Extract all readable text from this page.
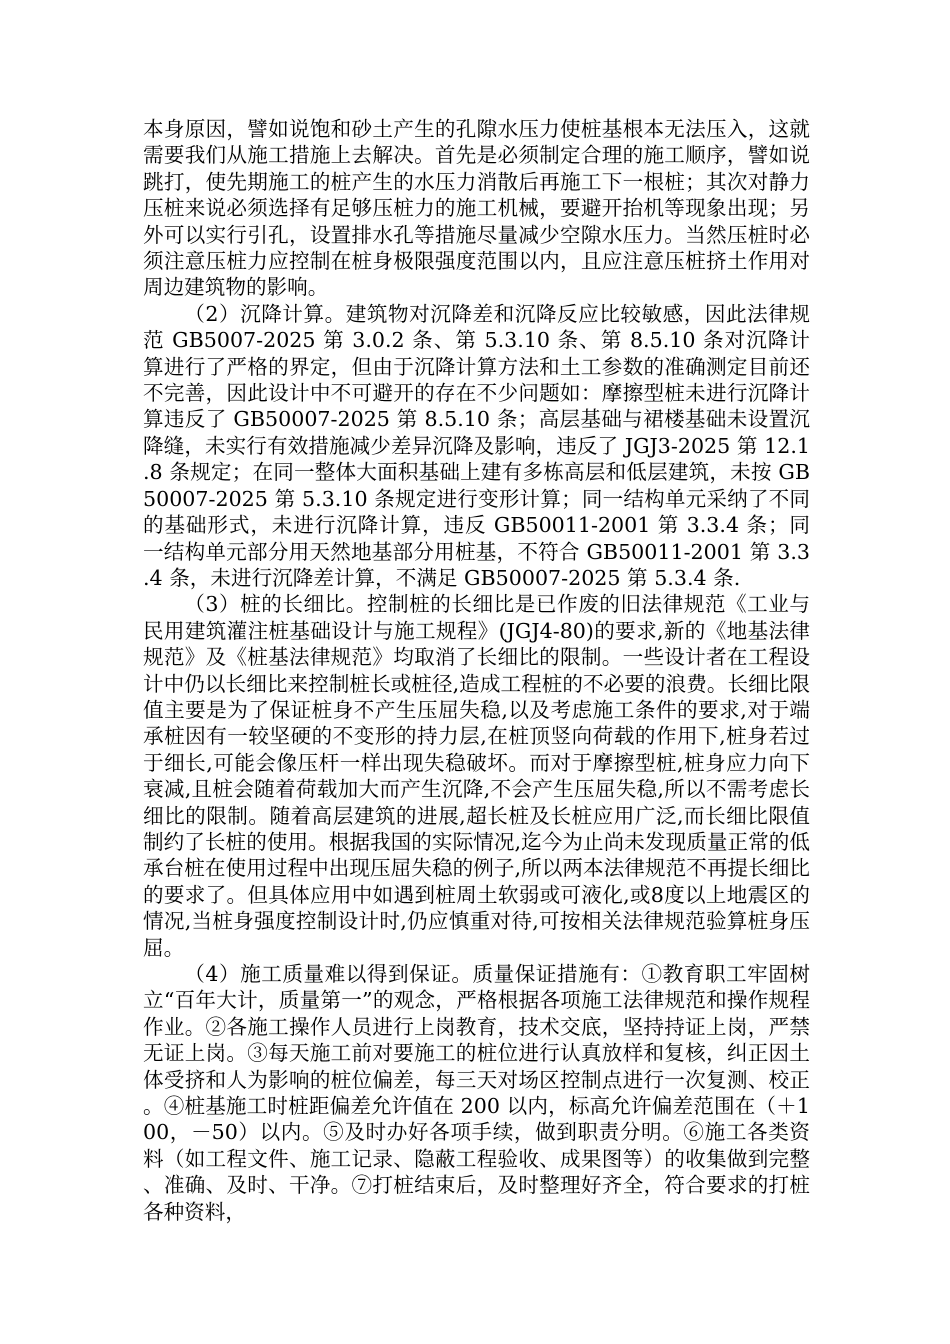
本身原因，譬如说饱和砂土产生的孔隙水压力使桩基根本无法压入，这就需要我们从施工措施上去解决。首先是必须制定合理的施工顺序，譬如说跳打，使先期施工的桩产生的水压力消散后再施工下一根桩；其次对静力压桩来说必须选择有足够压桩力的施工机械，要避开抬机等现象出现；另外可以实行引孔，设置排水孔等措施尽量减少空隙水压力。当然压桩时必须注意压桩力应控制在桩身极限强度范围以内，且应注意压桩挤土作用对周边建筑物的影响。

（2）沉降计算。建筑物对沉降差和沉降反应比较敏感，因此法律规范 GB5007-2025 第 3.0.2 条、第 5.3.10 条、第 8.5.10 条对沉降计算进行了严格的界定，但由于沉降计算方法和土工参数的准确测定目前还不完善，因此设计中不可避开的存在不少问题如：摩擦型桩未进行沉降计算违反了 GB50007-2025 第 8.5.10 条；高层基础与裙楼基础未设置沉降缝，未实行有效措施减少差异沉降及影响，违反了 JGJ3-2025 第 12.1.8 条规定；在同一整体大面积基础上建有多栋高层和低层建筑，未按 GB50007-2025 第 5.3.10 条规定进行变形计算；同一结构单元采纳了不同的基础形式，未进行沉降计算，违反 GB50011-2001 第 3.3.4 条；同一结构单元部分用天然地基部分用桩基，不符合 GB50011-2001 第 3.3.4 条，未进行沉降差计算，不满足 GB50007-2025 第 5.3.4 条.

（3）桩的长细比。控制桩的长细比是已作废的旧法律规范《工业与民用建筑灌注桩基础设计与施工规程》(JGJ4-80)的要求,新的《地基法律规范》及《桩基法律规范》均取消了长细比的限制。一些设计者在工程设计中仍以长细比来控制桩长或桩径,造成工程桩的不必要的浪费。长细比限值主要是为了保证桩身不产生压屈失稳,以及考虑施工条件的要求,对于端承桩因有一较坚硬的不变形的持力层,在桩顶竖向荷载的作用下,桩身若过于细长,可能会像压杆一样出现失稳破坏。而对于摩擦型桩,桩身应力向下衰减,且桩会随着荷载加大而产生沉降,不会产生压屈失稳,所以不需考虑长细比的限制。随着高层建筑的进展,超长桩及长桩应用广泛,而长细比限值制约了长桩的使用。根据我国的实际情况,迄今为止尚未发现质量正常的低承台桩在使用过程中出现压屈失稳的例子,所以两本法律规范不再提长细比的要求了。但具体应用中如遇到桩周土软弱或可液化,或8度以上地震区的情况,当桩身强度控制设计时,仍应慎重对待,可按相关法律规范验算桩身压屈。

（4）施工质量难以得到保证。质量保证措施有：①教育职工牢固树立“百年大计，质量第一”的观念，严格根据各项施工法律规范和操作规程作业。②各施工操作人员进行上岗教育，技术交底，坚持持证上岗，严禁无证上岗。③每天施工前对要施工的桩位进行认真放样和复核，纠正因土体受挤和人为影响的桩位偏差，每三天对场区控制点进行一次复测、校正。④桩基施工时桩距偏差允许值在 200 以内，标高允许偏差范围在（＋100，－50）以内。⑤及时办好各项手续，做到职责分明。⑥施工各类资料（如工程文件、施工记录、隐蔽工程验收、成果图等）的收集做到完整、准确、及时、干净。⑦打桩结束后，及时整理好齐全，符合要求的打桩各种资料，
